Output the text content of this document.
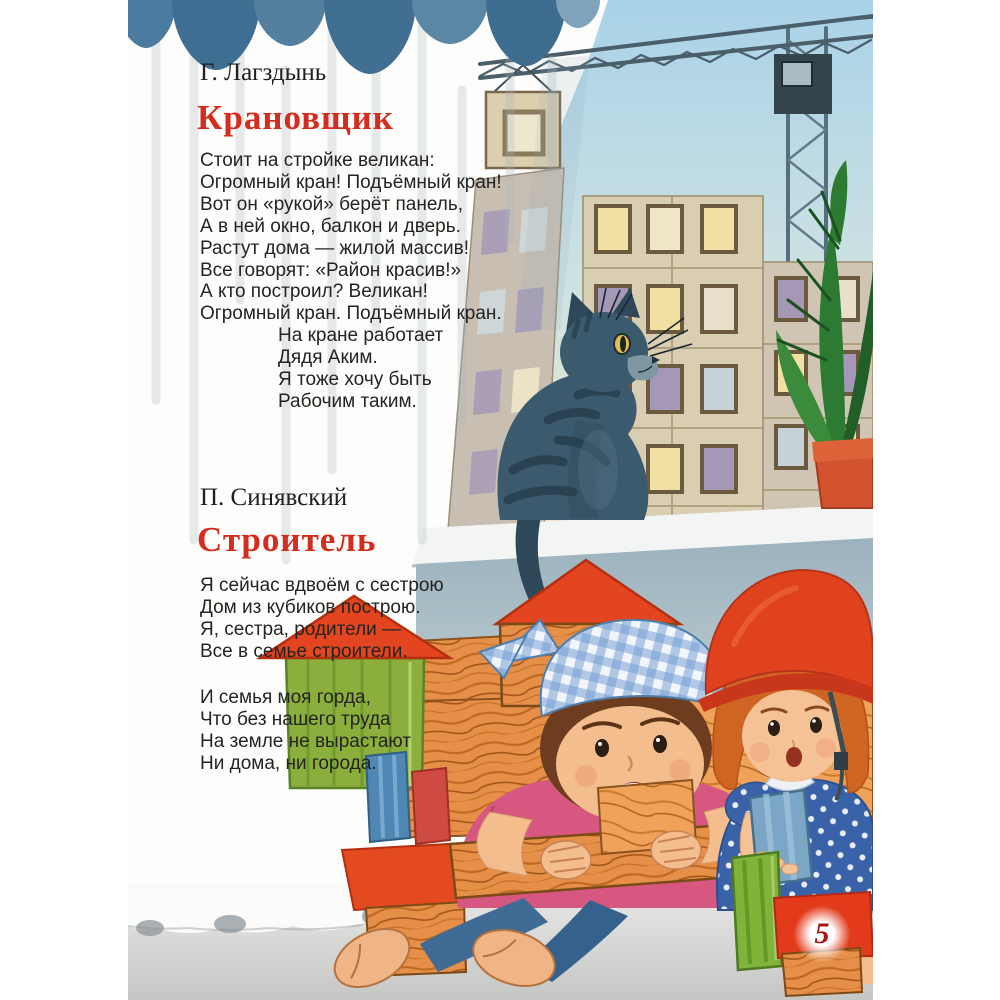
Г. Лагздынь
Крановщик
Стоит на стройке великан:
Огромный кран! Подъёмный кран!
Вот он «рукой» берёт панель,
А в ней окно, балкон и дверь.
Растут дома — жилой массив!
Все говорят: «Район красив!»
А кто построил? Великан!
Огромный кран. Подъёмный кран.
На кране работает
Дядя Аким.
Я тоже хочу быть
Рабочим таким.
П. Синявский
Строитель
Я сейчас вдвоём с сестрою
Дом из кубиков построю.
Я, сестра, родители —
Все в семье строители.
И семья моя горда,
Что без нашего труда
На земле не вырастают
Ни дома, ни города.
5
